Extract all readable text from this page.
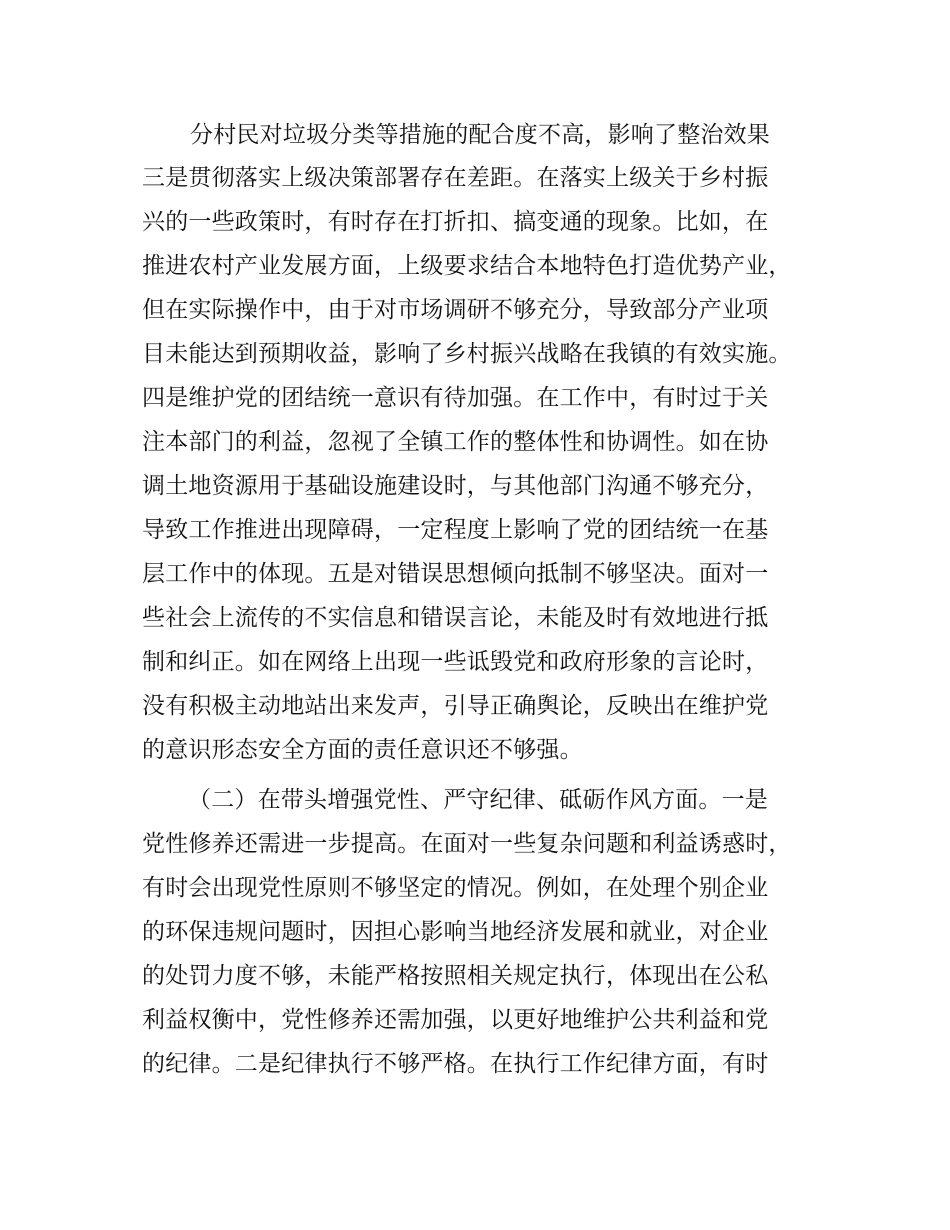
分村民对垃圾分类等措施的配合度不高，影响了整治效果
三是贯彻落实上级决策部署存在差距。在落实上级关于乡村振
兴的一些政策时，有时存在打折扣、搞变通的现象。比如，在
推进农村产业发展方面，上级要求结合本地特色打造优势产业，
但在实际操作中，由于对市场调研不够充分，导致部分产业项
目未能达到预期收益，影响了乡村振兴战略在我镇的有效实施。
四是维护党的团结统一意识有待加强。在工作中，有时过于关
注本部门的利益，忽视了全镇工作的整体性和协调性。如在协
调土地资源用于基础设施建设时，与其他部门沟通不够充分，
导致工作推进出现障碍，一定程度上影响了党的团结统一在基
层工作中的体现。五是对错误思想倾向抵制不够坚决。面对一
些社会上流传的不实信息和错误言论，未能及时有效地进行抵
制和纠正。如在网络上出现一些诋毁党和政府形象的言论时，
没有积极主动地站出来发声，引导正确舆论，反映出在维护党
的意识形态安全方面的责任意识还不够强。
（二）在带头增强党性、严守纪律、砥砺作风方面。一是
党性修养还需进一步提高。在面对一些复杂问题和利益诱惑时，
有时会出现党性原则不够坚定的情况。例如，在处理个别企业
的环保违规问题时，因担心影响当地经济发展和就业，对企业
的处罚力度不够，未能严格按照相关规定执行，体现出在公私
利益权衡中，党性修养还需加强，以更好地维护公共利益和党
的纪律。二是纪律执行不够严格。在执行工作纪律方面，有时
